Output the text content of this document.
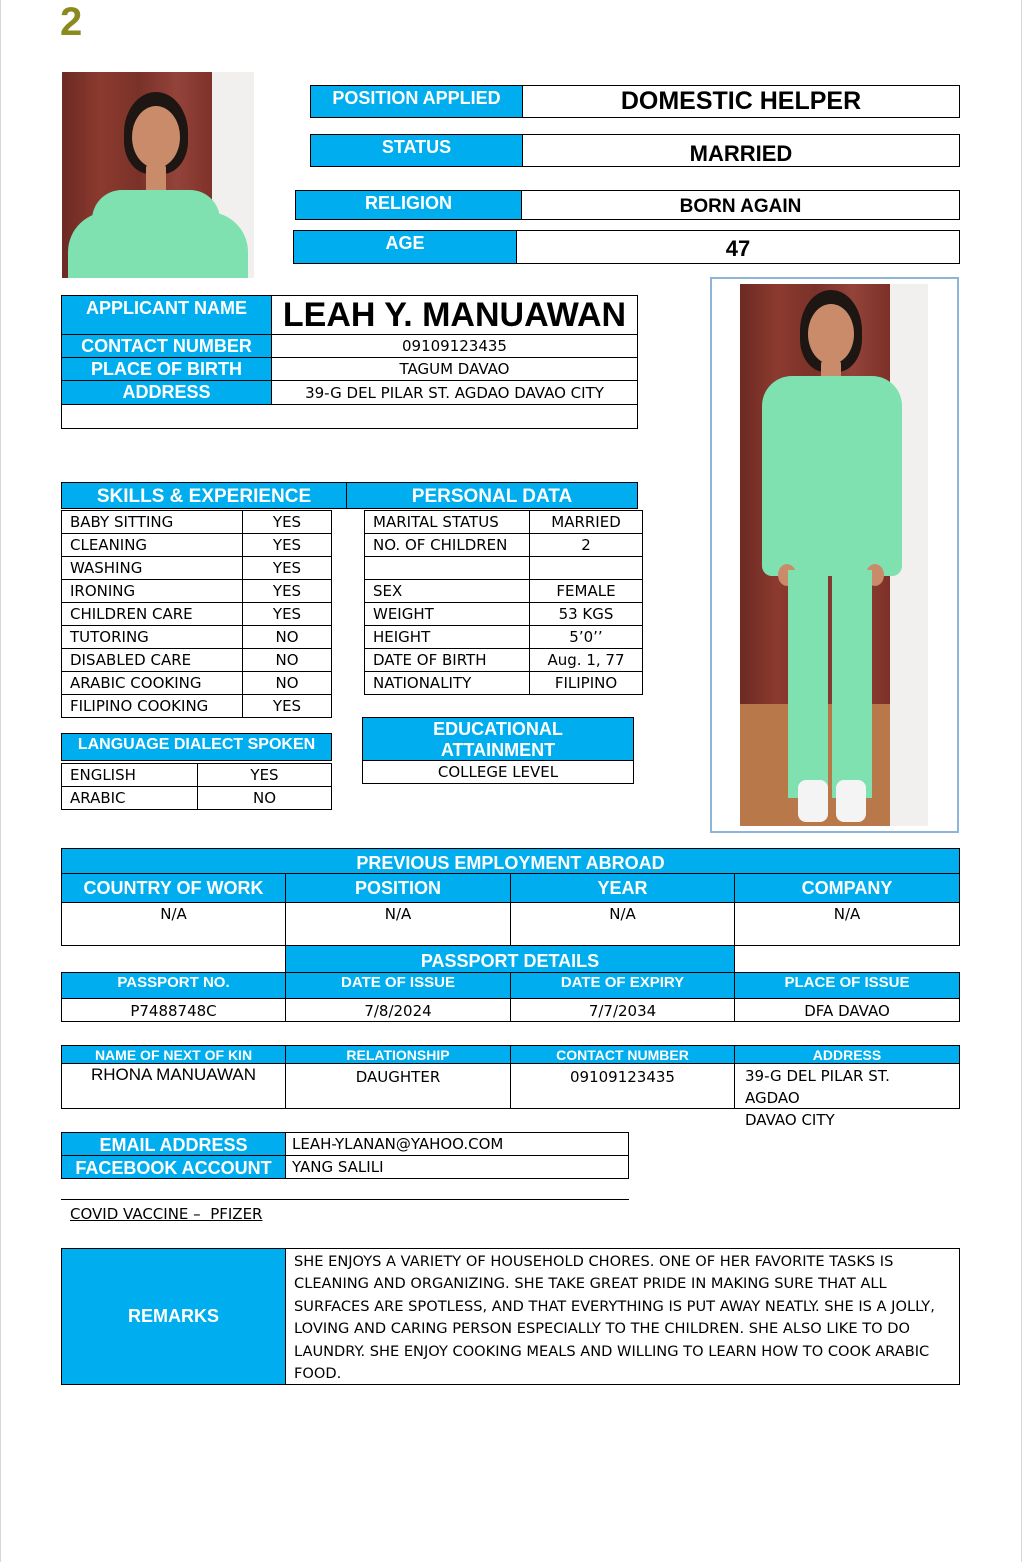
2
POSITION APPLIED	DOMESTIC HELPER
STATUS	MARRIED
RELIGION	BORN AGAIN
AGE	47
APPLICANT NAME	LEAH Y. MANUAWAN
CONTACT NUMBER	09109123435
PLACE OF BIRTH	TAGUM DAVAO
ADDRESS	39-G DEL PILAR ST. AGDAO DAVAO CITY
SKILLS & EXPERIENCE	PERSONAL DATA
BABY SITTING	YES
CLEANING	YES
WASHING	YES
IRONING	YES
CHILDREN CARE	YES
TUTORING	NO
DISABLED CARE	NO
ARABIC COOKING	NO
FILIPINO COOKING	YES
MARITAL STATUS	MARRIED
NO. OF CHILDREN	2
SEX	FEMALE
WEIGHT	53 KGS
HEIGHT	5’0’’
DATE OF BIRTH	Aug. 1, 77
NATIONALITY	FILIPINO
LANGUAGE DIALECT SPOKEN
ENGLISH	YES
ARABIC	NO
EDUCATIONAL
ATTAINMENT
COLLEGE LEVEL
PREVIOUS EMPLOYMENT ABROAD
COUNTRY OF WORK	POSITION	YEAR	COMPANY
N/A	N/A	N/A	N/A
PASSPORT DETAILS
PASSPORT NO.	DATE OF ISSUE	DATE OF EXPIRY	PLACE OF ISSUE
P7488748C	7/8/2024	7/7/2034	DFA DAVAO
NAME OF NEXT OF KIN	RELATIONSHIP	CONTACT NUMBER	ADDRESS
RHONA MANUAWAN	DAUGHTER	09109123435	39-G DEL PILAR ST. AGDAO
DAVAO CITY
EMAIL ADDRESS	LEAH-YLANAN@YAHOO.COM
FACEBOOK ACCOUNT	YANG SALILI
COVID VACCINE –  PFIZER
REMARKS
SHE ENJOYS A VARIETY OF HOUSEHOLD CHORES. ONE OF HER FAVORITE TASKS IS CLEANING AND ORGANIZING. SHE TAKE GREAT PRIDE IN MAKING SURE THAT ALL SURFACES ARE SPOTLESS, AND THAT EVERYTHING IS PUT AWAY NEATLY. SHE IS A JOLLY, LOVING AND CARING PERSON ESPECIALLY TO THE CHILDREN. SHE ALSO LIKE TO DO LAUNDRY. SHE ENJOY COOKING MEALS AND WILLING TO LEARN HOW TO COOK ARABIC FOOD.
